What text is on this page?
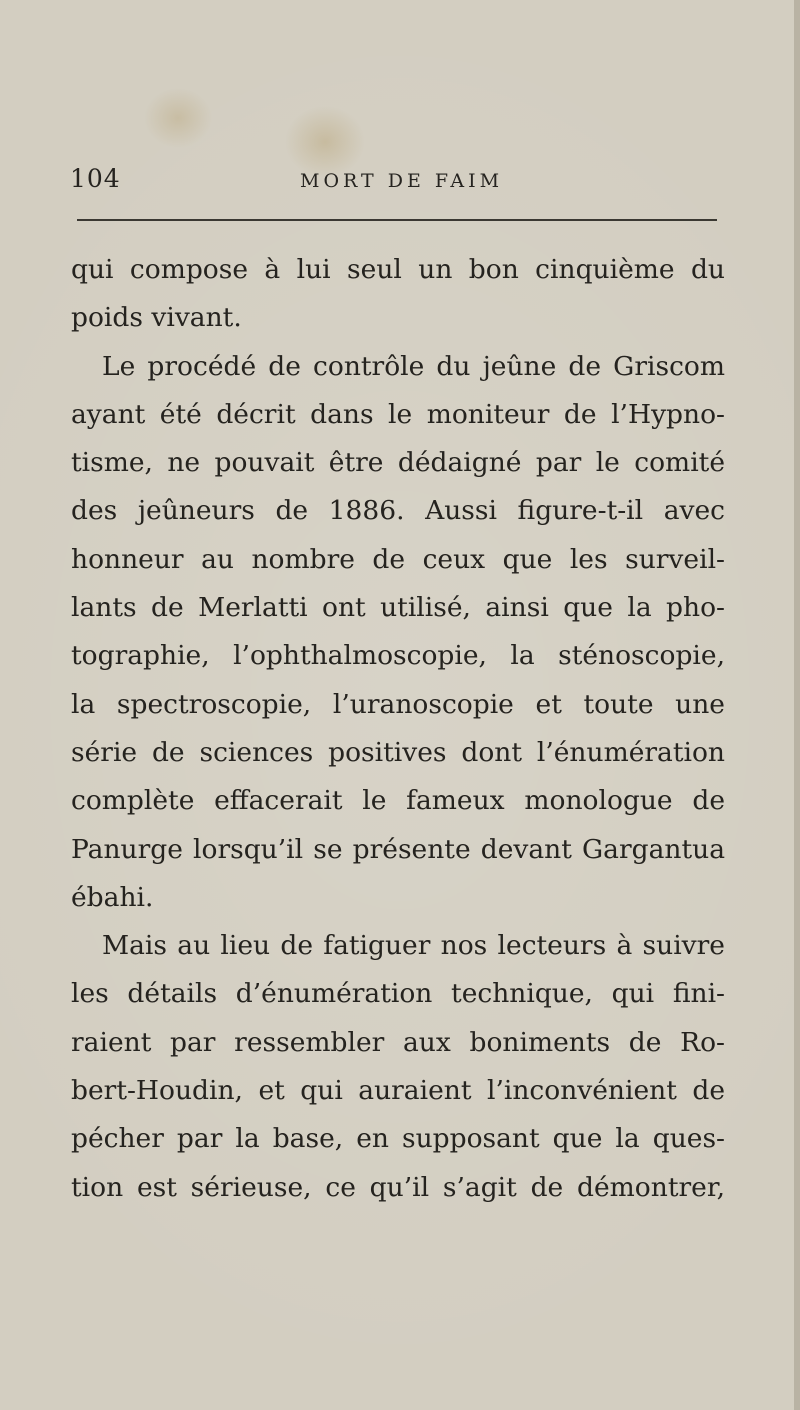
104	MORT DE FAIM
qui compose à lui seul un bon cinquième du
poids vivant.
Le procédé de contrôle du jeûne de Griscom
ayant été décrit dans le moniteur de l’Hypno-
tisme, ne pouvait être dédaigné par le comité
des jeûneurs de 1886. Aussi figure-t-il avec
honneur au nombre de ceux que les surveil-
lants de Merlatti ont utilisé, ainsi que la pho-
tographie, l’ophthalmoscopie, la sténoscopie,
la spectroscopie, l’uranoscopie et toute une
série de sciences positives dont l’énumération
complète effacerait le fameux monologue de
Panurge lorsqu’il se présente devant Gargantua
ébahi.
Mais au lieu de fatiguer nos lecteurs à suivre
les détails d’énumération technique, qui fini-
raient par ressembler aux boniments de Ro-
bert-Houdin, et qui auraient l’inconvénient de
pécher par la base, en supposant que la ques-
tion est sérieuse, ce qu’il s’agit de démontrer,
